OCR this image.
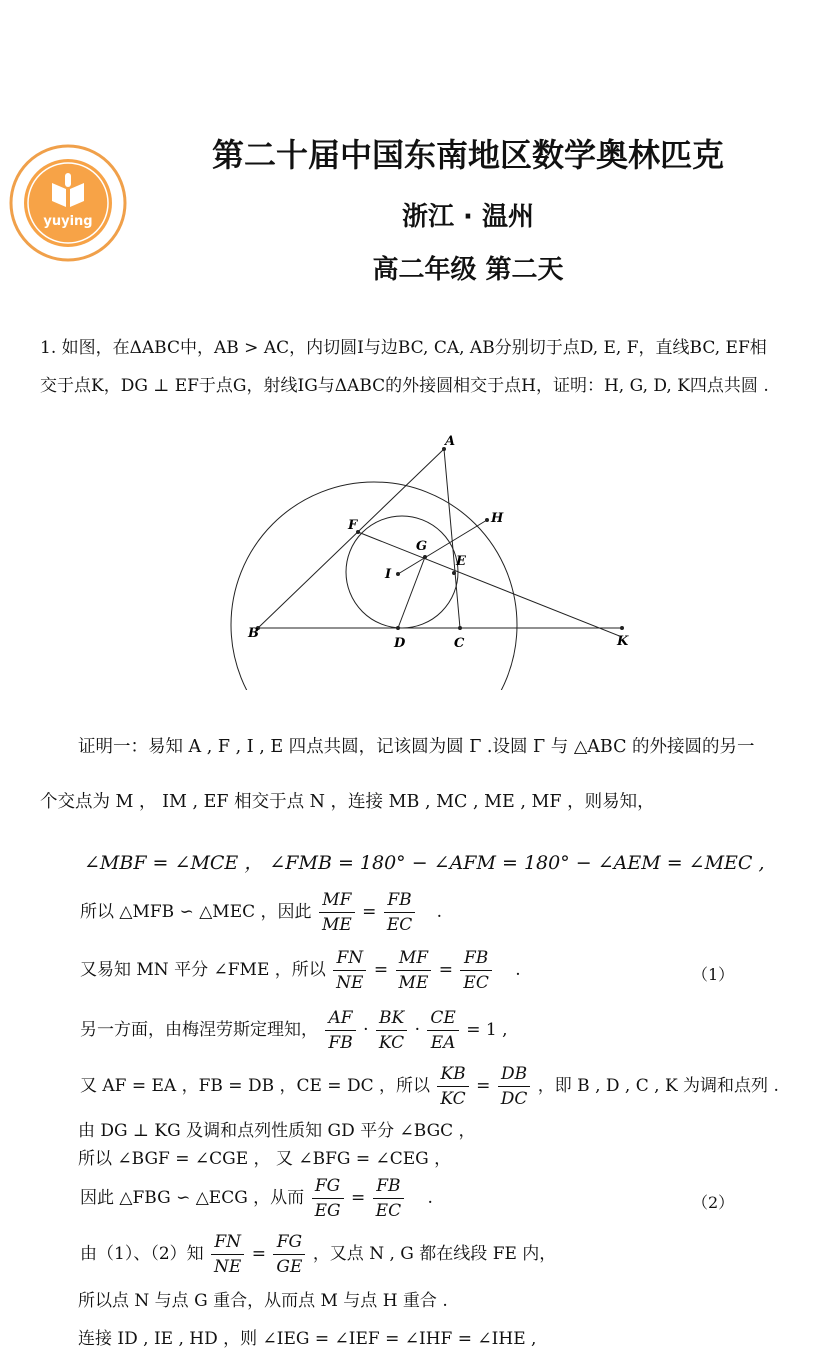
yuying
第二十届中国东南地区数学奥林匹克
浙江 · 温州
高二年级 第二天
1. 如图，在ΔABC中，AB > AC，内切圆I与边BC, CA, AB分别切于点D, E, F，直线BC, EF相
交于点K，DG ⊥ EF于点G，射线IG与ΔABC的外接圆相交于点H，证明：H, G, D, K四点共圆 .
A
B
C
D
E
F
G
H
I
K
证明一：易知 A , F , I , E 四点共圆，记该圆为圆 Γ .设圆 Γ 与 △ABC 的外接圆的另一
个交点为 M ， IM , EF 相交于点 N ，连接 MB , MC , ME , MF ，则易知，
∠MBF = ∠MCE ， ∠FMB = 180° − ∠AFM = 180° − ∠AEM = ∠MEC ,
所以 △MFB ∽ △MEC ，因此 $\frac{MF}{ME} = \frac{FB}{EC}$ .
又易知 MN 平分 ∠FME ，所以 $\frac{FN}{NE} = \frac{MF}{ME} = \frac{FB}{EC}$ .	（1）
另一方面，由梅涅劳斯定理知， $\frac{AF}{FB} \cdot \frac{BK}{KC} \cdot \frac{CE}{EA} = 1$ ,
又 AF = EA ，FB = DB ，CE = DC ，所以 $\frac{KB}{KC} = \frac{DB}{DC}$ ，即 B , D , C , K 为调和点列 .
由 DG ⊥ KG 及调和点列性质知 GD 平分 ∠BGC ，
所以 ∠BGF = ∠CGE ， 又 ∠BFG = ∠CEG ，
因此 △FBG ∽ △ECG ，从而 $\frac{FG}{EG} = \frac{FB}{EC}$ .	（2）
由（1）、（2）知 $\frac{FN}{NE} = \frac{FG}{GE}$ ，又点 N , G 都在线段 FE 内，
所以点 N 与点 G 重合，从而点 M 与点 H 重合 .
连接 ID , IE , HD ，则 ∠IEG = ∠IEF = ∠IHF = ∠IHE ,
